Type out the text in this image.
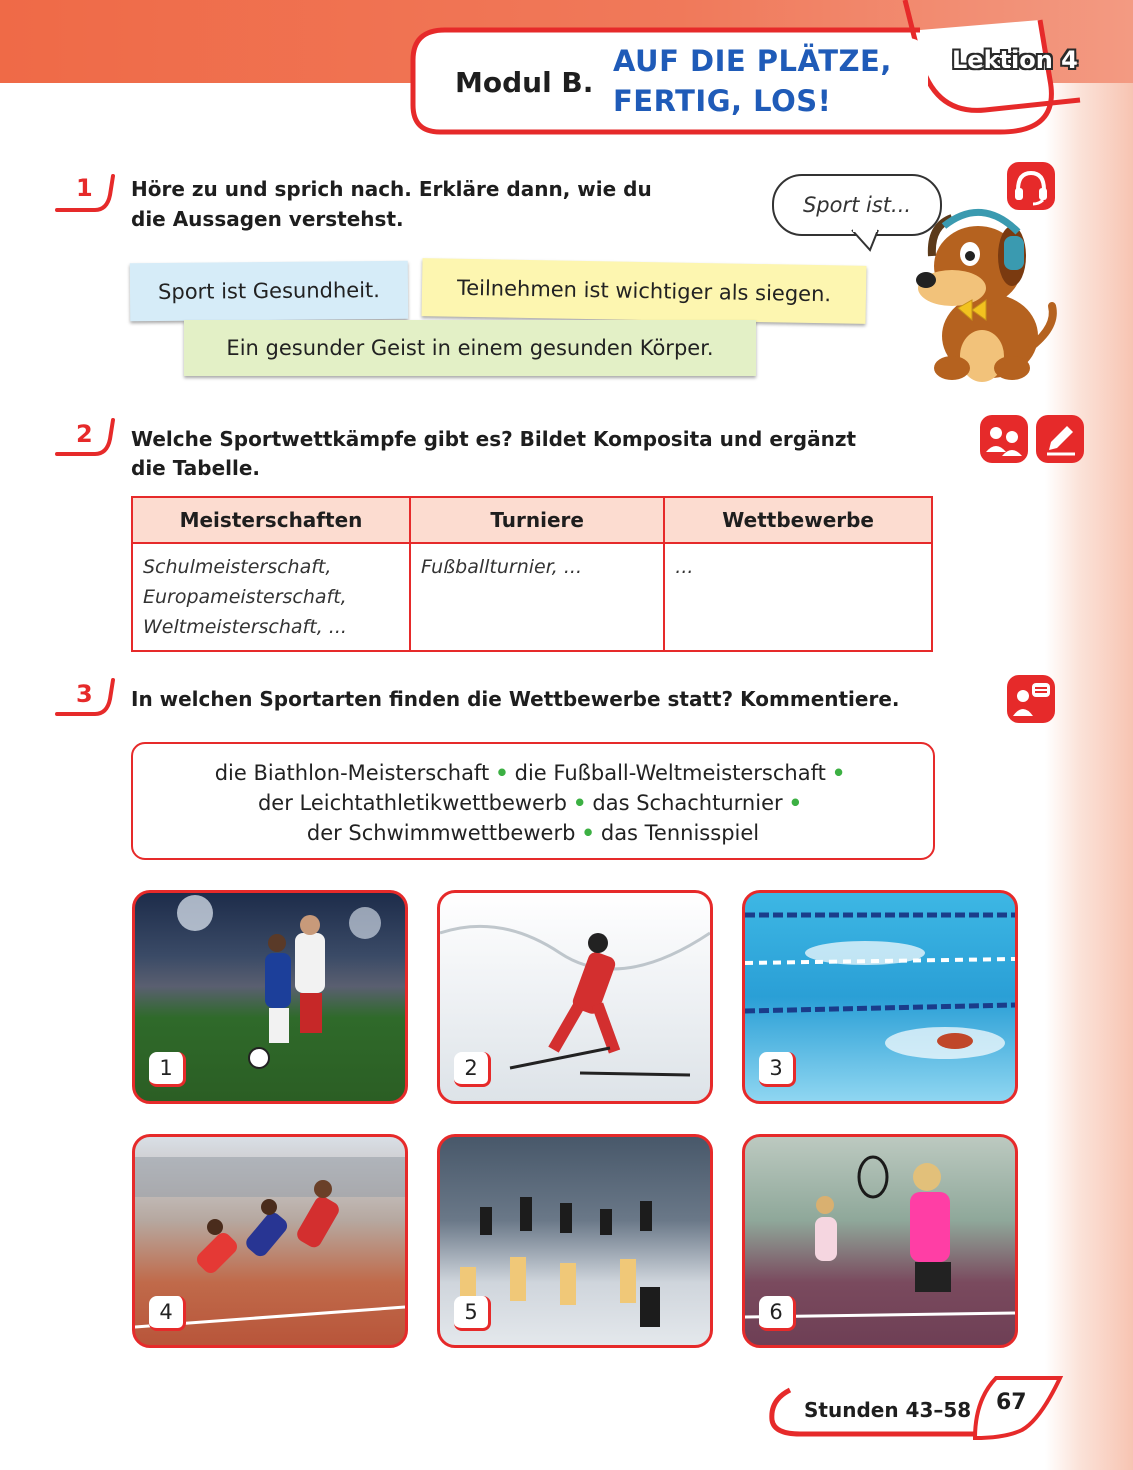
Modul B.
AUF DIE PLÄTZE,
FERTIG, LOS!
Lektion 4
1 Höre zu und sprich nach. Erkläre dann, wie du
die Aussagen verstehst.
Sport ist Gesundheit.	Teilnehmen ist wichtiger als siegen.
Ein gesunder Geist in einem gesunden Körper.
Sport ist...
2 Welche Sportwettkämpfe gibt es? Bildet Komposita und ergänzt
die Tabelle.
Meisterschaften	Turniere	Wettbewerbe

Schulmeisterschaft,
Europameisterschaft,
Weltmeisterschaft, ...	Fußballturnier, ...	...
3 In welchen Sportarten finden die Wettbewerbe statt? Kommentiere.
die Biathlon-Meisterschaft • die Fußball-Weltmeisterschaft •
der Leichtathletikwettbewerb • das Schachturnier •
der Schwimmwettbewerb • das Tennisspiel
1	2	3
4	5	6
Stunden 43–58 67
